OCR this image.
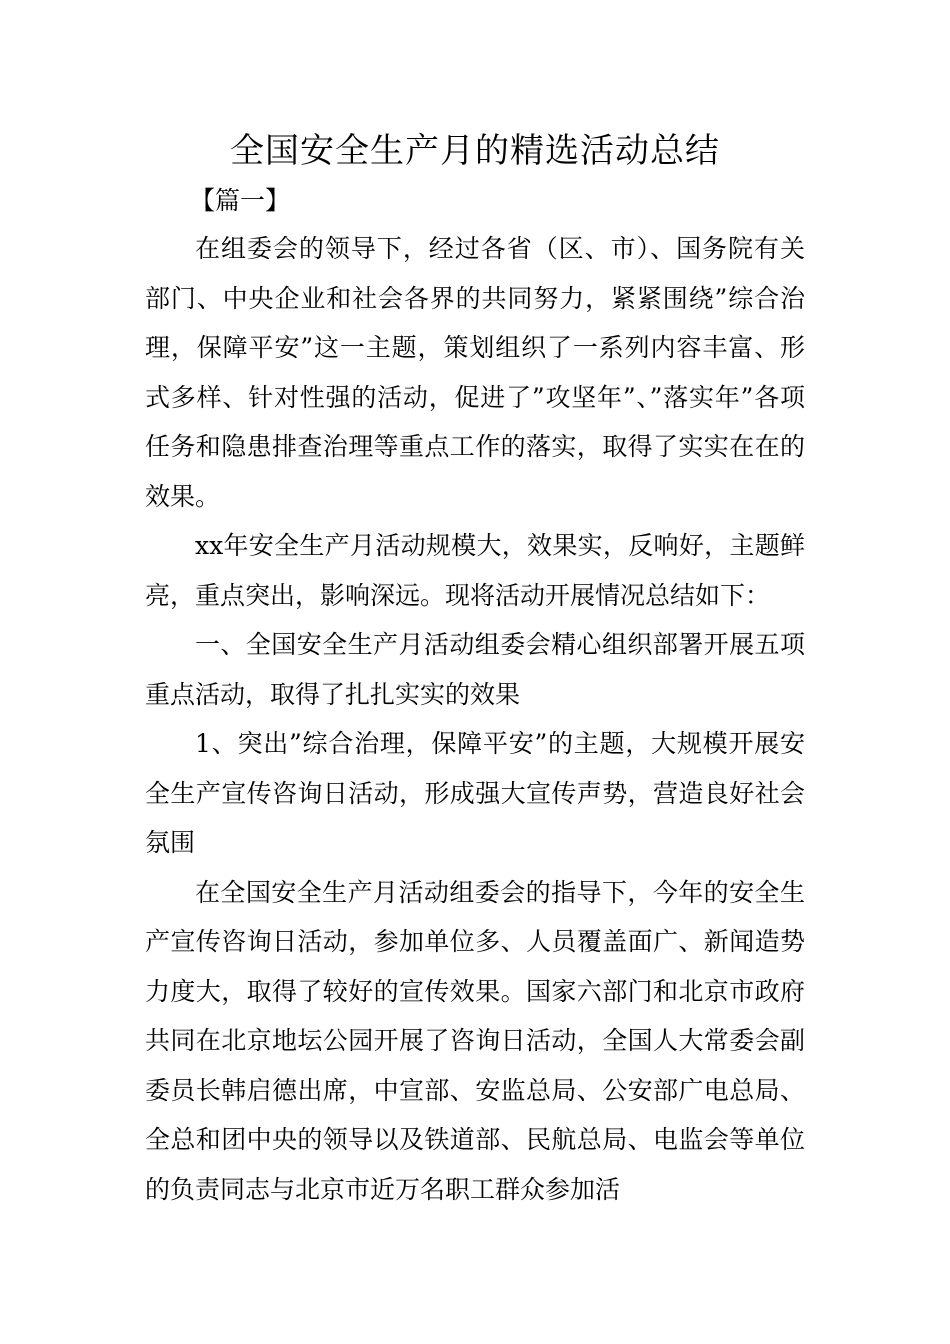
全国安全生产月的精选活动总结
【篇一】

在组委会的领导下，经过各省（区、市）、国务院有关部门、中央企业和社会各界的共同努力，紧紧围绕”综合治理，保障平安”这一主题，策划组织了一系列内容丰富、形式多样、针对性强的活动，促进了”攻坚年”、”落实年”各项任务和隐患排查治理等重点工作的落实，取得了实实在在的效果。

xx年安全生产月活动规模大，效果实，反响好，主题鲜亮，重点突出，影响深远。现将活动开展情况总结如下：

一、全国安全生产月活动组委会精心组织部署开展五项重点活动，取得了扎扎实实的效果

1、突出”综合治理，保障平安”的主题，大规模开展安全生产宣传咨询日活动，形成强大宣传声势，营造良好社会氛围

在全国安全生产月活动组委会的指导下，今年的安全生产宣传咨询日活动，参加单位多、人员覆盖面广、新闻造势力度大，取得了较好的宣传效果。国家六部门和北京市政府共同在北京地坛公园开展了咨询日活动，全国人大常委会副委员长韩启德出席，中宣部、安监总局、公安部广电总局、全总和团中央的领导以及铁道部、民航总局、电监会等单位的负责同志与北京市近万名职工群众参加活
